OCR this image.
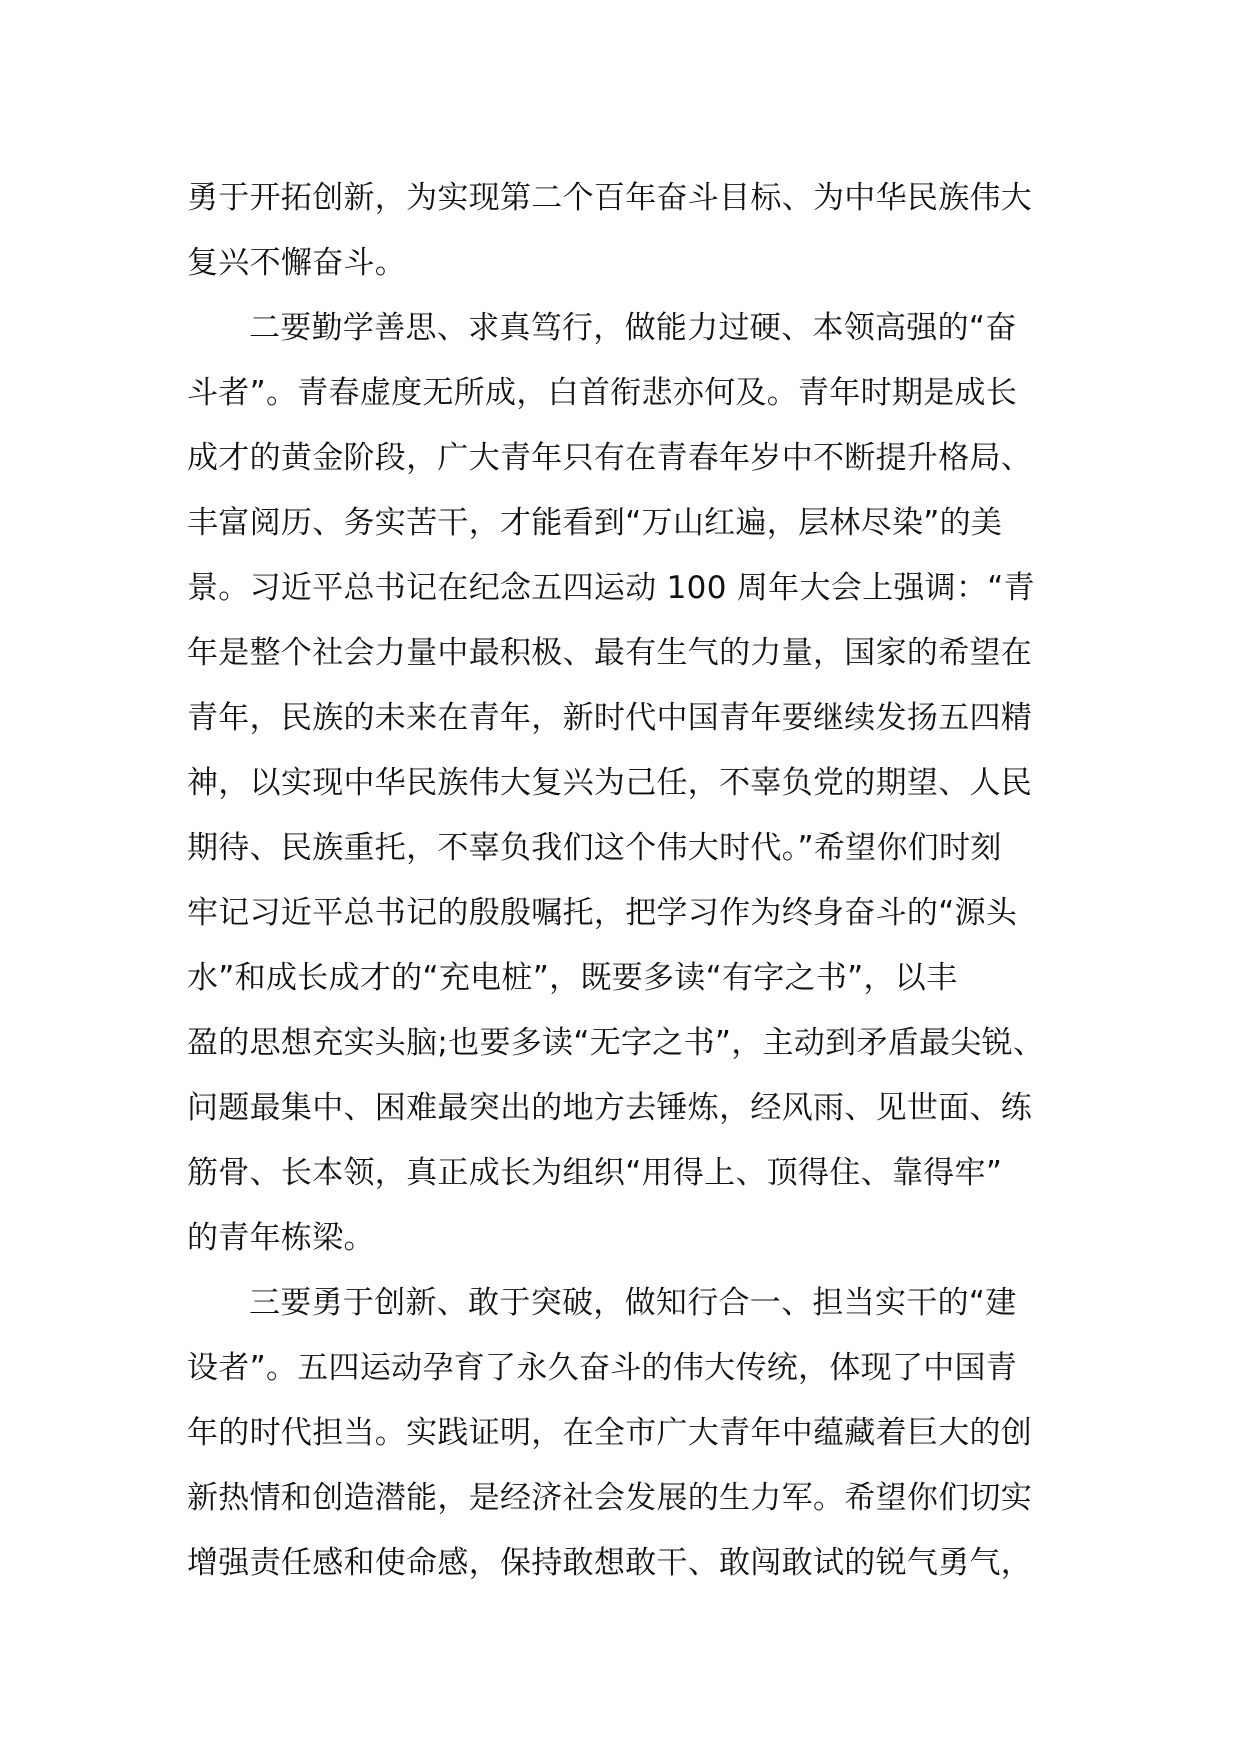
勇于开拓创新，为实现第二个百年奋斗目标、为中华民族伟大
复兴不懈奋斗。
二要勤学善思、求真笃行，做能力过硬、本领高强的“奋
斗者”。青春虚度无所成，白首衔悲亦何及。青年时期是成长
成才的黄金阶段，广大青年只有在青春年岁中不断提升格局、
丰富阅历、务实苦干，才能看到“万山红遍，层林尽染”的美
景。习近平总书记在纪念五四运动 100 周年大会上强调：“青
年是整个社会力量中最积极、最有生气的力量，国家的希望在
青年，民族的未来在青年，新时代中国青年要继续发扬五四精
神，以实现中华民族伟大复兴为己任，不辜负党的期望、人民
期待、民族重托，不辜负我们这个伟大时代。”希望你们时刻
牢记习近平总书记的殷殷嘱托，把学习作为终身奋斗的“源头
水”和成长成才的“充电桩”，既要多读“有字之书”，以丰
盈的思想充实头脑;也要多读“无字之书”，主动到矛盾最尖锐、
问题最集中、困难最突出的地方去锤炼，经风雨、见世面、练
筋骨、长本领，真正成长为组织“用得上、顶得住、靠得牢”
的青年栋梁。
三要勇于创新、敢于突破，做知行合一、担当实干的“建
设者”。五四运动孕育了永久奋斗的伟大传统，体现了中国青
年的时代担当。实践证明，在全市广大青年中蕴藏着巨大的创
新热情和创造潜能，是经济社会发展的生力军。希望你们切实
增强责任感和使命感，保持敢想敢干、敢闯敢试的锐气勇气，
